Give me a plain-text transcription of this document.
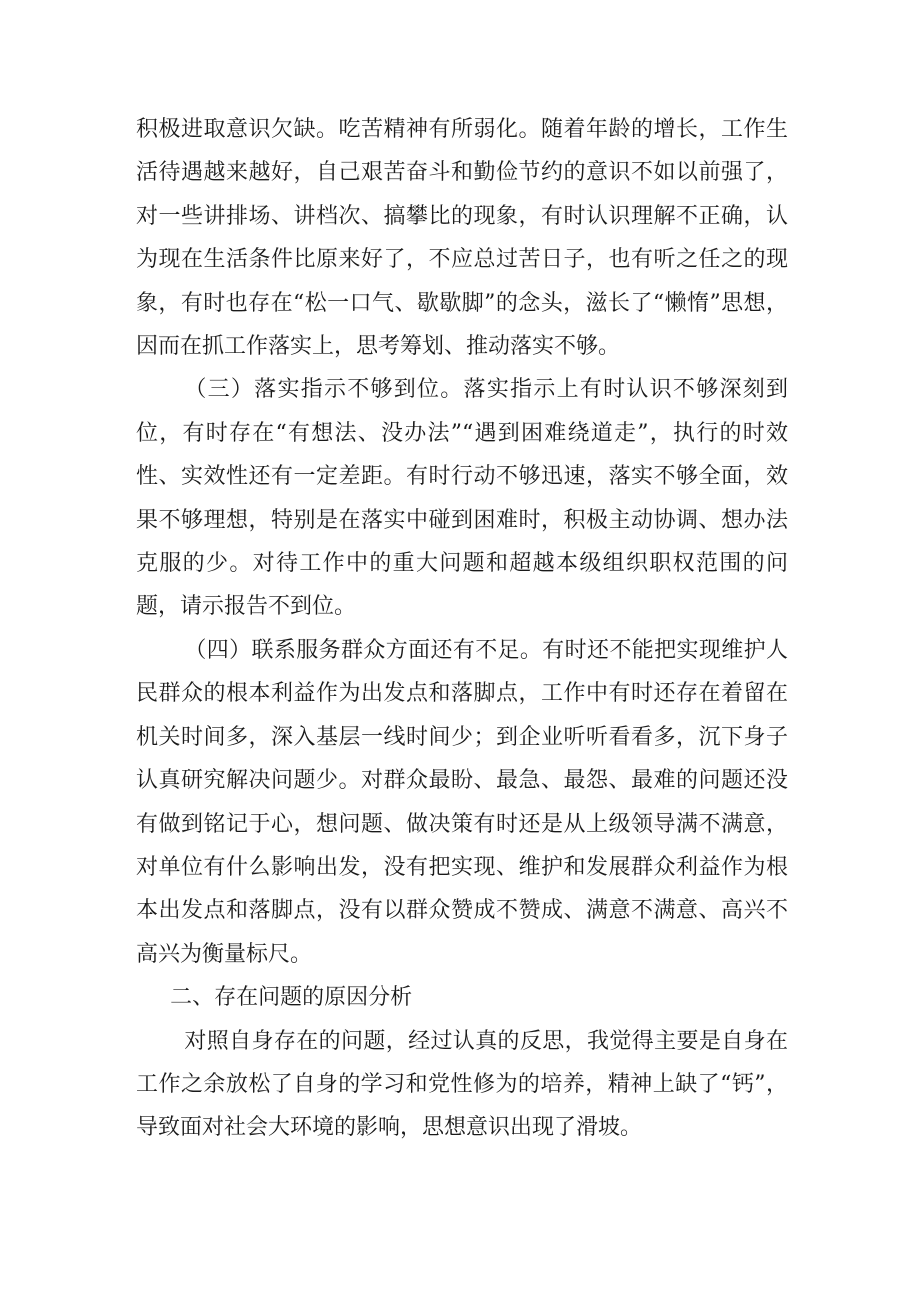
积极进取意识欠缺。吃苦精神有所弱化。随着年龄的增长，工作生活待遇越来越好，自己艰苦奋斗和勤俭节约的意识不如以前强了，对一些讲排场、讲档次、搞攀比的现象，有时认识理解不正确，认为现在生活条件比原来好了，不应总过苦日子，也有听之任之的现象，有时也存在“松一口气、歇歇脚”的念头，滋长了“懒惰”思想，因而在抓工作落实上，思考筹划、推动落实不够。

（三）落实指示不够到位。落实指示上有时认识不够深刻到位，有时存在“有想法、没办法”“遇到困难绕道走”，执行的时效性、实效性还有一定差距。有时行动不够迅速，落实不够全面，效果不够理想，特别是在落实中碰到困难时，积极主动协调、想办法克服的少。对待工作中的重大问题和超越本级组织职权范围的问题，请示报告不到位。

（四）联系服务群众方面还有不足。有时还不能把实现维护人民群众的根本利益作为出发点和落脚点，工作中有时还存在着留在机关时间多，深入基层一线时间少；到企业听听看看多，沉下身子认真研究解决问题少。对群众最盼、最急、最怨、最难的问题还没有做到铭记于心，想问题、做决策有时还是从上级领导满不满意，对单位有什么影响出发，没有把实现、维护和发展群众利益作为根本出发点和落脚点，没有以群众赞成不赞成、满意不满意、高兴不高兴为衡量标尺。

二、存在问题的原因分析

对照自身存在的问题，经过认真的反思，我觉得主要是自身在工作之余放松了自身的学习和党性修为的培养，精神上缺了“钙”，导致面对社会大环境的影响，思想意识出现了滑坡。
